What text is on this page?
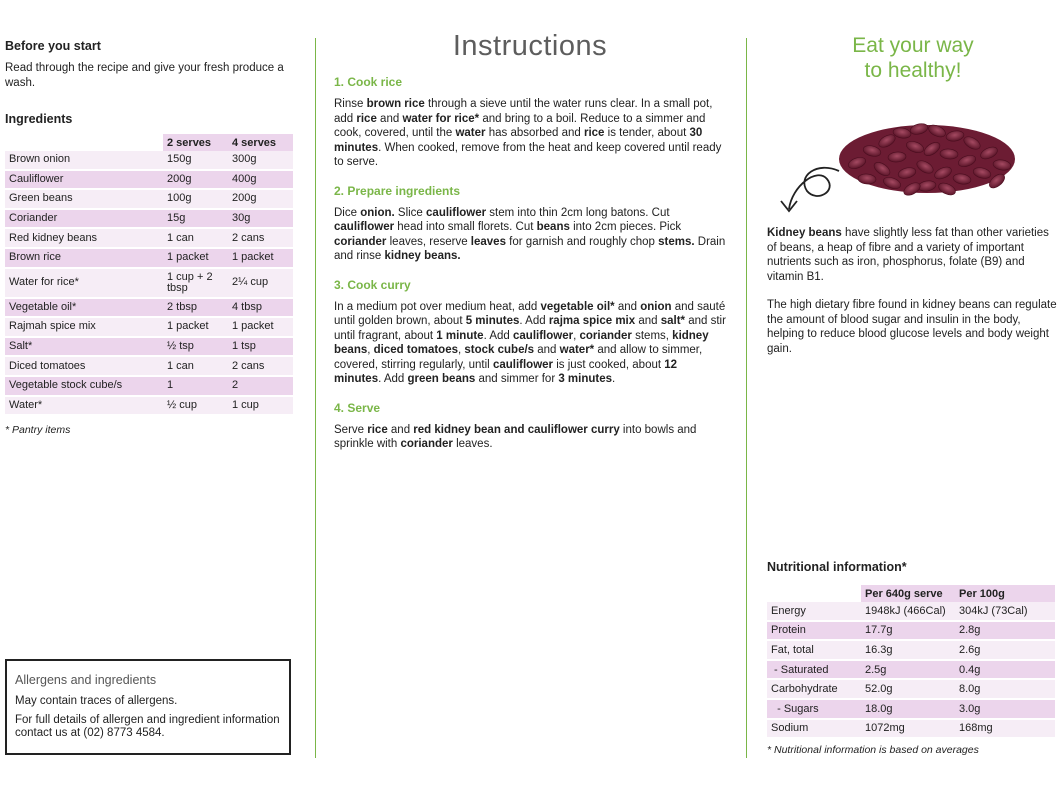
Before you start

Read through the recipe and give your fresh produce a wash.

Ingredients
	2 serves	4 serves
Brown onion	150g	300g
Cauliflower	200g	400g
Green beans	100g	200g
Coriander	15g	30g
Red kidney beans	1 can	2 cans
Brown rice	1 packet	1 packet
Water for rice*	1 cup + 2 tbsp	2¼ cup
Vegetable oil*	2 tbsp	4 tbsp
Rajmah spice mix	1 packet	1 packet
Salt*	½ tsp	1 tsp
Diced tomatoes	1 can	2 cans
Vegetable stock cube/s	1	2
Water*	½ cup	1 cup
* Pantry items
Allergens and ingredients

May contain traces of allergens.

For full details of allergen and ingredient information contact us at (02) 8773 4584.

Instructions
1. Cook rice

Rinse brown rice through a sieve until the water runs clear. In a small pot, add rice and water for rice* and bring to a boil. Reduce to a simmer and cook, covered, until the water has absorbed and rice is tender, about 30 minutes. When cooked, remove from the heat and keep covered until ready to serve.

2. Prepare ingredients

Dice onion. Slice cauliflower stem into thin 2cm long batons. Cut cauliflower head into small florets. Cut beans into 2cm pieces. Pick coriander leaves, reserve leaves for garnish and roughly chop stems. Drain and rinse kidney beans.

3. Cook curry

In a medium pot over medium heat, add vegetable oil* and onion and sauté until golden brown, about 5 minutes. Add rajma spice mix and salt* and stir until fragrant, about 1 minute. Add cauliflower, coriander stems, kidney beans, diced tomatoes, stock cube/s and water* and allow to simmer, covered, stirring regularly, until cauliflower is just cooked, about 12 minutes. Add green beans and simmer for 3 minutes.

4. Serve

Serve rice and red kidney bean and cauliflower curry into bowls and sprinkle with coriander leaves.

Eat your way
to healthy!

Kidney beans have slightly less fat than other varieties of beans, a heap of fibre and a variety of important nutrients such as iron, phosphorus, folate (B9) and vitamin B1.

The high dietary fibre found in kidney beans can regulate the amount of blood sugar and insulin in the body, helping to reduce blood glucose levels and body weight gain.

Nutritional information*
	Per 640g serve	Per 100g
Energy	1948kJ (466Cal)	304kJ (73Cal)
Protein	17.7g	2.8g
Fat, total	16.3g	2.6g
- Saturated	2.5g	0.4g
Carbohydrate	52.0g	8.0g
- Sugars	18.0g	3.0g
Sodium	1072mg	168mg
* Nutritional information is based on averages
